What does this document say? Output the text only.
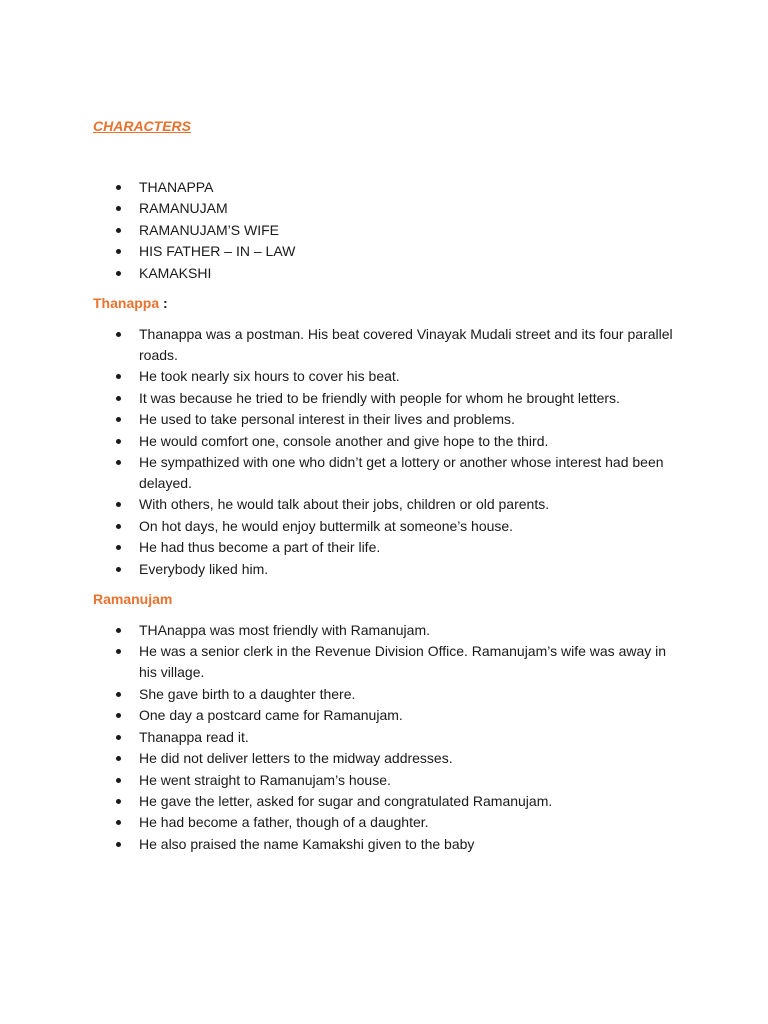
CHARACTERS
THANAPPA
RAMANUJAM
RAMANUJAM’S WIFE
HIS FATHER – IN – LAW
KAMAKSHI
Thanappa :
Thanappa was a postman. His beat covered Vinayak Mudali street and its four parallel roads.
He took nearly six hours to cover his beat.
It was because he tried to be friendly with people for whom he brought letters.
He used to take personal interest in their lives and problems.
He would comfort one, console another and give hope to the third.
He sympathized with one who didn’t get a lottery or another whose interest had been delayed.
With others, he would talk about their jobs, children or old parents.
On hot days, he would enjoy buttermilk at someone’s house.
He had thus become a part of their life.
Everybody liked him.
Ramanujam
THAnappa was most friendly with Ramanujam.
He was a senior clerk in the Revenue Division Office. Ramanujam’s wife was away in his village.
She gave birth to a daughter there.
One day a postcard came for Ramanujam.
Thanappa read it.
He did not deliver letters to the midway addresses.
He went straight to Ramanujam’s house.
He gave the letter, asked for sugar and congratulated Ramanujam.
He had become a father, though of a daughter.
He also praised the name Kamakshi given to the baby
